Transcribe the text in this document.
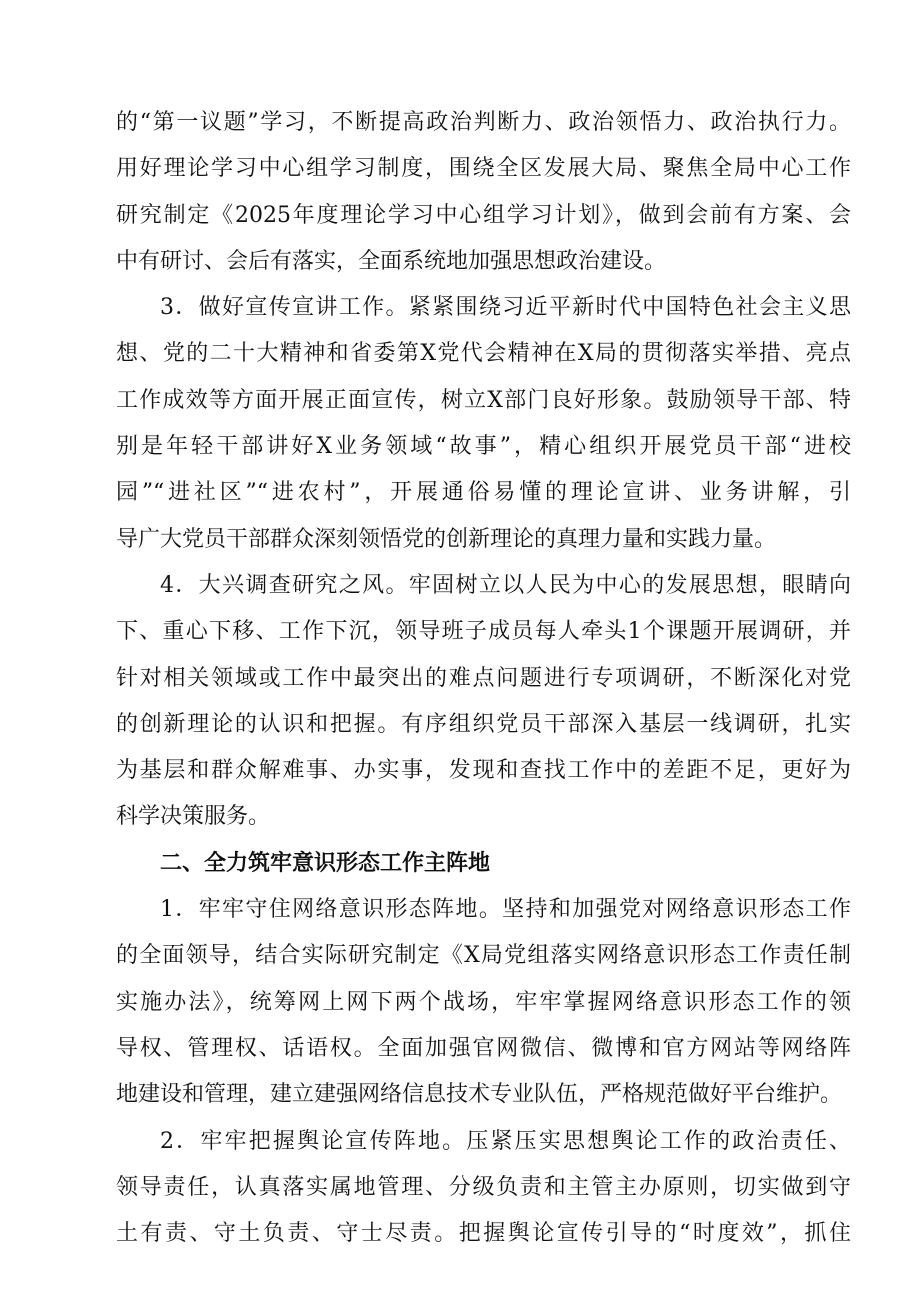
的“第一议题”学习，不断提高政治判断力、政治领悟力、政治执行力。
用好理论学习中心组学习制度，围绕全区发展大局、聚焦全局中心工作
研究制定《2025年度理论学习中心组学习计划》，做到会前有方案、会
中有研讨、会后有落实，全面系统地加强思想政治建设。
3．做好宣传宣讲工作。紧紧围绕习近平新时代中国特色社会主义思
想、党的二十大精神和省委第X党代会精神在X局的贯彻落实举措、亮点
工作成效等方面开展正面宣传，树立X部门良好形象。鼓励领导干部、特
别是年轻干部讲好X业务领域“故事”，精心组织开展党员干部“进校
园”“进社区”“进农村”，开展通俗易懂的理论宣讲、业务讲解，引
导广大党员干部群众深刻领悟党的创新理论的真理力量和实践力量。
4．大兴调查研究之风。牢固树立以人民为中心的发展思想，眼睛向
下、重心下移、工作下沉，领导班子成员每人牵头1个课题开展调研，并
针对相关领域或工作中最突出的难点问题进行专项调研，不断深化对党
的创新理论的认识和把握。有序组织党员干部深入基层一线调研，扎实
为基层和群众解难事、办实事，发现和查找工作中的差距不足，更好为
科学决策服务。
二、全力筑牢意识形态工作主阵地
1．牢牢守住网络意识形态阵地。坚持和加强党对网络意识形态工作
的全面领导，结合实际研究制定《X局党组落实网络意识形态工作责任制
实施办法》，统筹网上网下两个战场，牢牢掌握网络意识形态工作的领
导权、管理权、话语权。全面加强官网微信、微博和官方网站等网络阵
地建设和管理，建立建强网络信息技术专业队伍，严格规范做好平台维护。
2．牢牢把握舆论宣传阵地。压紧压实思想舆论工作的政治责任、
领导责任，认真落实属地管理、分级负责和主管主办原则，切实做到守
土有责、守土负责、守士尽责。把握舆论宣传引导的“时度效”，抓住
